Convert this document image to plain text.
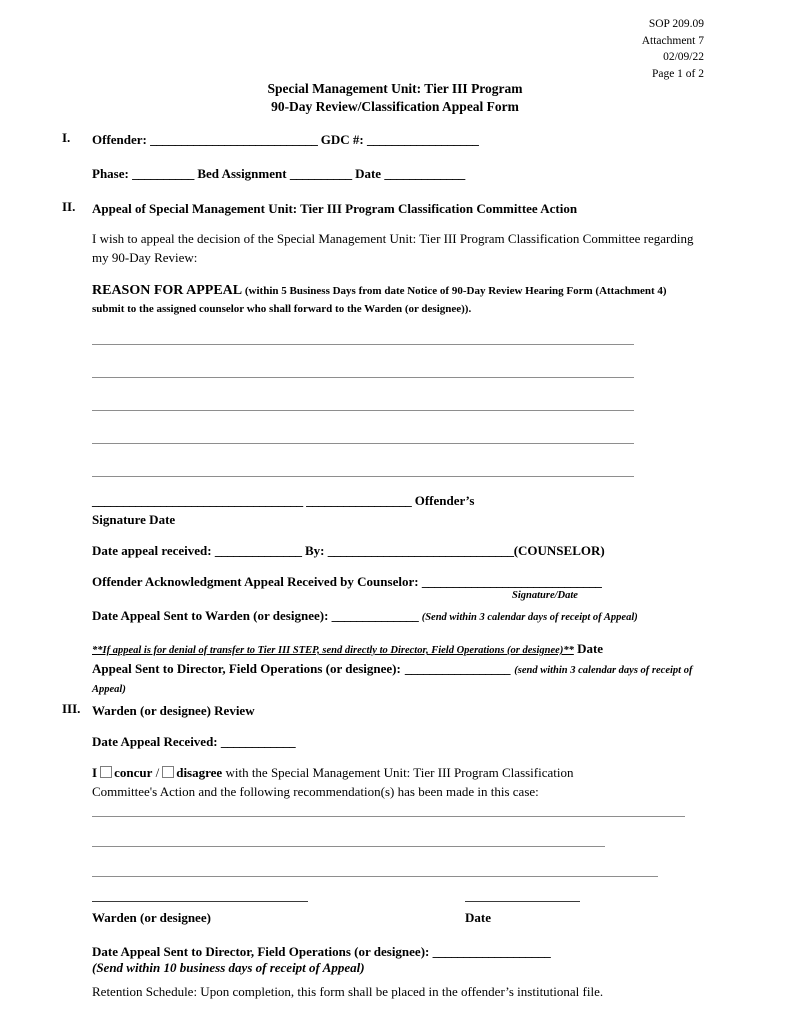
SOP 209.09
Attachment 7
02/09/22
Page 1 of 2
Special Management Unit: Tier III Program
90-Day Review/Classification Appeal Form
I.	Offender: ___________________________ GDC #: __________________
Phase: __________ Bed Assignment __________ Date _____________
II.	Appeal of Special Management Unit: Tier III Program Classification Committee Action
I wish to appeal the decision of the Special Management Unit: Tier III Program Classification Committee regarding my 90-Day Review:
REASON FOR APPEAL (within 5 Business Days from date Notice of 90-Day Review Hearing Form (Attachment 4) submit to the assigned counselor who shall forward to the Warden (or designee)).
__________________________________ _________________ Offender’s
Signature Date
Date appeal received: ______________ By: ______________________________(COUNSELOR)
Offender Acknowledgment Appeal Received by Counselor: _____________________________
Signature/Date
Date Appeal Sent to Warden (or designee): ______________ (Send within 3 calendar days of receipt of Appeal)
**If appeal is for denial of transfer to Tier III STEP, send directly to Director, Field Operations (or designee)** Date
Appeal Sent to Director, Field Operations (or designee): _________________ (send within 3 calendar days of receipt of Appeal)
III. Warden (or designee) Review
Date Appeal Received: ____________
I concur / disagree with the Special Management Unit: Tier III Program Classification Committee's Action and the following recommendation(s) has been made in this case:
Warden (or designee)	Date
Date Appeal Sent to Director, Field Operations (or designee): ___________________
(Send within 10 business days of receipt of Appeal)
Retention Schedule: Upon completion, this form shall be placed in the offender’s institutional file.
